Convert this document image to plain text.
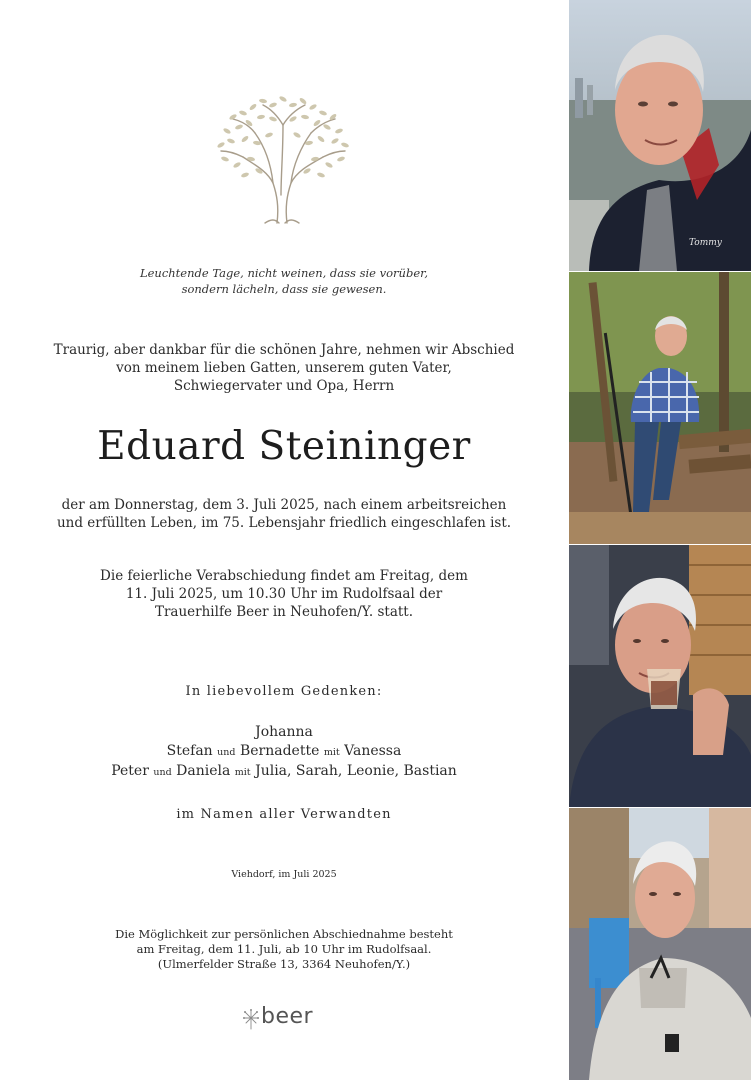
Leuchtende Tage, nicht weinen, dass sie vorüber,
sondern lächeln, dass sie gewesen.
Traurig, aber dankbar für die schönen Jahre, nehmen wir Abschied
von meinem lieben Gatten, unserem guten Vater,
Schwiegervater und Opa, Herrn
Eduard Steininger
der am Donnerstag, dem 3. Juli 2025, nach einem arbeitsreichen
und erfüllten Leben, im 75. Lebensjahr friedlich eingeschlafen ist.
Die feierliche Verabschiedung findet am Freitag, dem
11. Juli 2025, um 10.30 Uhr im Rudolfsaal der
Trauerhilfe Beer in Neuhofen/Y. statt.
In liebevollem Gedenken:
Johanna
Stefan und Bernadette mit Vanessa
Peter und Daniela mit Julia, Sarah, Leonie, Bastian
im Namen aller Verwandten
Viehdorf, im Juli 2025
Die Möglichkeit zur persönlichen Abschiednahme besteht
am Freitag, dem 11. Juli, ab 10 Uhr im Rudolfsaal.
(Ulmerfelder Straße 13, 3364 Neuhofen/Y.)
beer
Tommy
